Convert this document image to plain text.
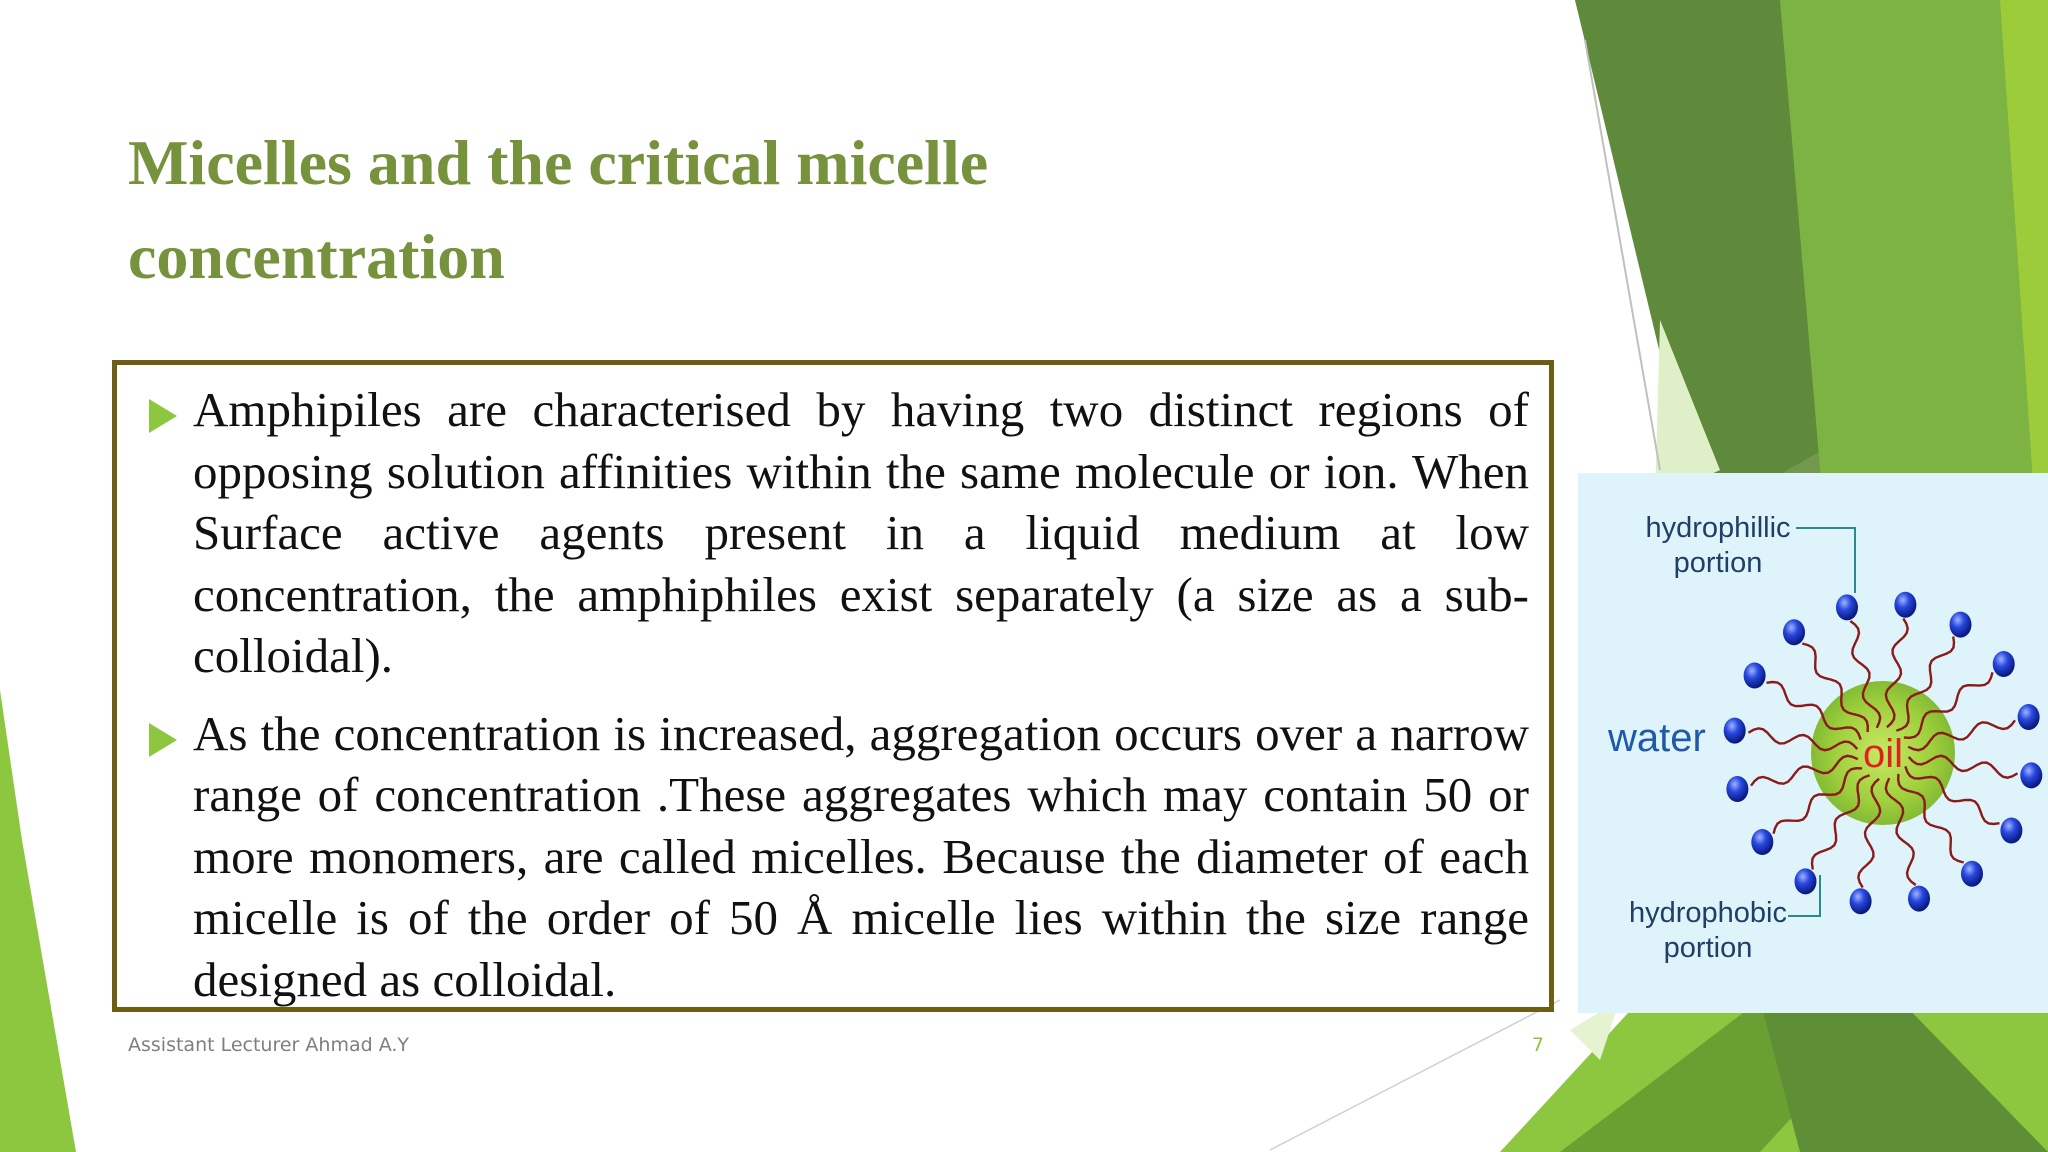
Micelles and the critical micelle
concentration

Amphipiles are characterised by having two distinct regions of opposing solution affinities within the same molecule or ion. When Surface active agents present in a liquid medium at low concentration, the amphiphiles exist separately (a size as a sub-colloidal).

As the concentration is increased, aggregation occurs over a narrow range of concentration .These aggregates which may contain 50 or more monomers, are called micelles. Because the diameter of each micelle is of the order of 50 Å micelle lies within the size range designed as colloidal.

Assistant Lecturer Ahmad A.Y	7
hydrophillic
portion
hydrophobic
portion
water	oil
